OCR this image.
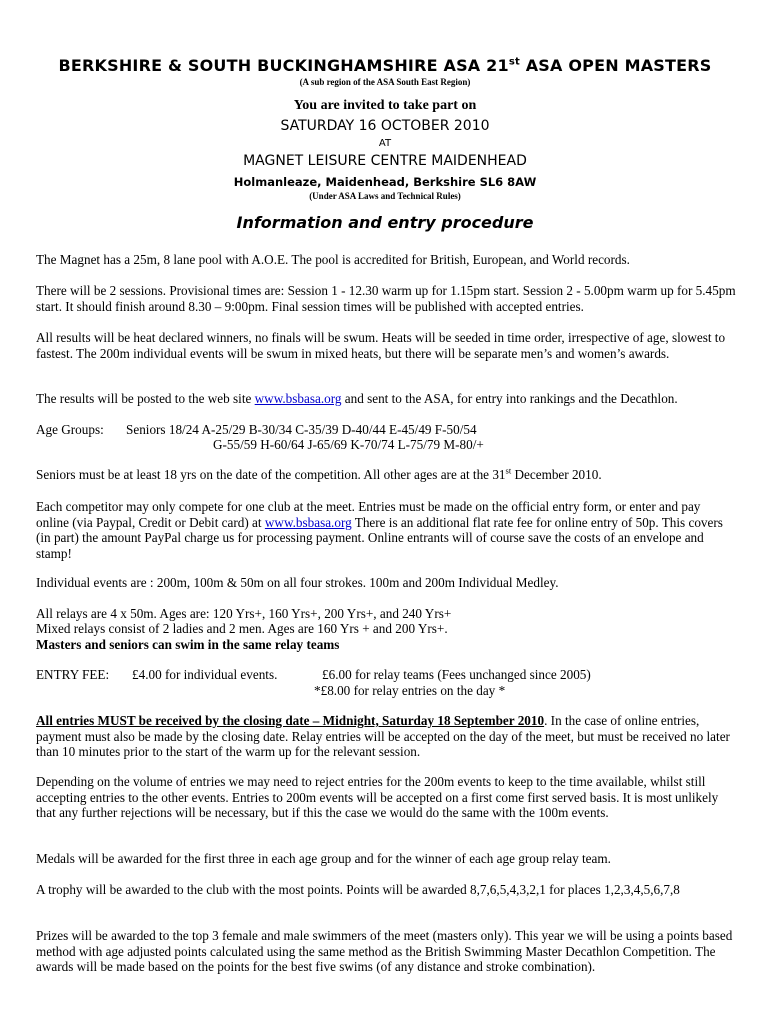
BERKSHIRE & SOUTH BUCKINGHAMSHIRE ASA 21st ASA OPEN MASTERS
(A sub region of the ASA South East Region)
You are invited to take part on
SATURDAY 16 OCTOBER 2010
AT
MAGNET LEISURE CENTRE MAIDENHEAD
Holmanleaze, Maidenhead, Berkshire SL6 8AW
(Under ASA Laws and Technical Rules)
Information and entry procedure

The Magnet has a 25m, 8 lane pool with A.O.E. The pool is accredited for British, European, and World records.

There will be 2 sessions. Provisional times are: Session 1 - 12.30 warm up for 1.15pm start. Session 2 - 5.00pm warm up for 5.45pm start. It should finish around 8.30 – 9:00pm. Final session times will be published with accepted entries.

All results will be heat declared winners, no finals will be swum. Heats will be seeded in time order, irrespective of age, slowest to fastest. The 200m individual events will be swum in mixed heats, but there will be separate men’s and women’s awards.

The results will be posted to the web site www.bsbasa.org and sent to the ASA, for entry into rankings and the Decathlon.

Age Groups: Seniors 18/24 A-25/29 B-30/34 C-35/39 D-40/44 E-45/49 F-50/54
G-55/59 H-60/64 J-65/69 K-70/74 L-75/79 M-80/+

Seniors must be at least 18 yrs on the date of the competition. All other ages are at the 31st December 2010.

Each competitor may only compete for one club at the meet. Entries must be made on the official entry form, or enter and pay online (via Paypal, Credit or Debit card) at www.bsbasa.org There is an additional flat rate fee for online entry of 50p. This covers (in part) the amount PayPal charge us for processing payment. Online entrants will of course save the costs of an envelope and stamp!

Individual events are : 200m, 100m & 50m on all four strokes. 100m and 200m Individual Medley.

All relays are 4 x 50m. Ages are: 120 Yrs+, 160 Yrs+, 200 Yrs+, and 240 Yrs+
Mixed relays consist of 2 ladies and 2 men. Ages are 160 Yrs + and 200 Yrs+.
Masters and seniors can swim in the same relay teams
ENTRY FEE: £4.00 for individual events.	£6.00 for relay teams (Fees unchanged since 2005)
*£8.00 for relay entries on the day *

All entries MUST be received by the closing date – Midnight, Saturday 18 September 2010. In the case of online entries, payment must also be made by the closing date. Relay entries will be accepted on the day of the meet, but must be received no later than 10 minutes prior to the start of the warm up for the relevant session.

Depending on the volume of entries we may need to reject entries for the 200m events to keep to the time available, whilst still accepting entries to the other events. Entries to 200m events will be accepted on a first come first served basis. It is most unlikely that any further rejections will be necessary, but if this the case we would do the same with the 100m events.

Medals will be awarded for the first three in each age group and for the winner of each age group relay team.

A trophy will be awarded to the club with the most points. Points will be awarded 8,7,6,5,4,3,2,1 for places 1,2,3,4,5,6,7,8

Prizes will be awarded to the top 3 female and male swimmers of the meet (masters only). This year we will be using a points based method with age adjusted points calculated using the same method as the British Swimming Master Decathlon Competition. The awards will be made based on the points for the best five swims (of any distance and stroke combination).
